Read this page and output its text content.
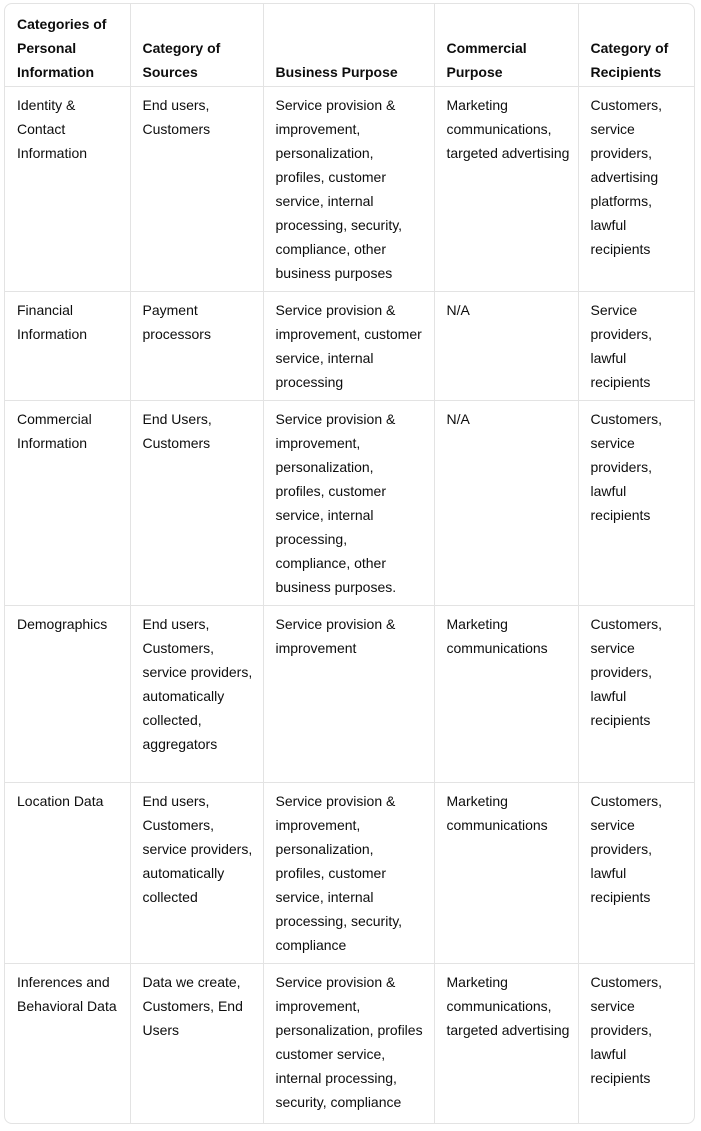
Categories of Personal Information	Category of Sources	Business Purpose	Commercial Purpose	Category of Recipients
Identity & Contact Information	End users, Customers	Service provision & improvement, personalization, profiles, customer service, internal processing, security, compliance, other business purposes	Marketing communications, targeted advertising	Customers, service providers, advertising platforms, lawful recipients
Financial Information	Payment processors	Service provision & improvement, customer service, internal processing	N/A	Service providers, lawful recipients
Commercial Information	End Users, Customers	Service provision & improvement, personalization, profiles, customer service, internal processing, compliance, other business purposes.	N/A	Customers, service providers, lawful recipients
Demographics	End users, Customers, service providers, automatically collected, aggregators	Service provision & improvement	Marketing communications	Customers, service providers, lawful recipients
Location Data	End users, Customers, service providers, automatically collected	Service provision & improvement, personalization, profiles, customer service, internal processing, security, compliance	Marketing communications	Customers, service providers, lawful recipients
Inferences and Behavioral Data	Data we create, Customers, End Users	Service provision & improvement, personalization, profiles customer service, internal processing, security, compliance	Marketing communications, targeted advertising	Customers, service providers, lawful recipients
